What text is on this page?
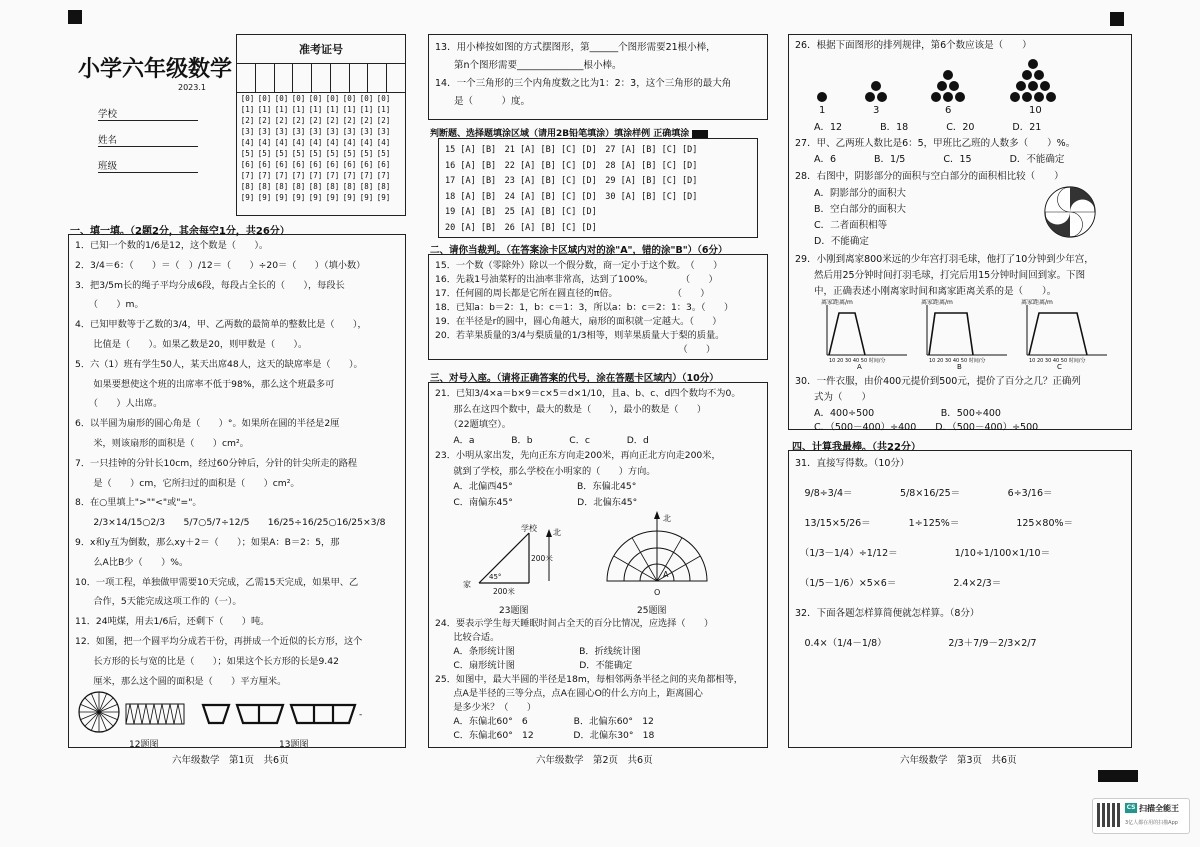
小学六年级数学
2023.1
学校
姓名
班级
准考证号
[0] [0] [0] [0] [0] [0] [0] [0] [0]
[1] [1] [1] [1] [1] [1] [1] [1] [1]
[2] [2] [2] [2] [2] [2] [2] [2] [2]
[3] [3] [3] [3] [3] [3] [3] [3] [3]
[4] [4] [4] [4] [4] [4] [4] [4] [4]
[5] [5] [5] [5] [5] [5] [5] [5] [5]
[6] [6] [6] [6] [6] [6] [6] [6] [6]
[7] [7] [7] [7] [7] [7] [7] [7] [7]
[8] [8] [8] [8] [8] [8] [8] [8] [8]
[9] [9] [9] [9] [9] [9] [9] [9] [9]
一、填一填。（2题2分，其余每空1分，共26分）
1．已知一个数的1/6是12，这个数是（　　）。
2．3/4＝6：（　　）＝（　）/12＝（　　）÷20＝（　　）（填小数）
3．把3/5m长的绳子平均分成6段，每段占全长的（　　），每段长
　　（　　）m。
4．已知甲数等于乙数的3/4，甲、乙两数的最简单的整数比是（　　），
　　比值是（　　）。如果乙数是20，则甲数是（　　）。
5．六（1）班有学生50人，某天出席48人，这天的缺席率是（　　）。
　　如果要想使这个班的出席率不低于98%，那么这个班最多可
　　（　　）人出席。
6．以半圆为扇形的圆心角是（　　）°。如果所在圆的半径是2厘
　　米，则该扇形的面积是（　　）cm²。
7．一只挂钟的分针长10cm，经过60分钟后，分针的针尖所走的路程
　　是（　　）cm，它所扫过的面积是（　　）cm²。
8．在○里填上">""<"或"="。
　　2/3×14/15○2/3　　5/7○5/7÷12/5　　16/25÷16/25○16/25×3/8
9．x和y互为倒数，那么xy＋2＝（　　）；如果A：B＝2：5，那
　　么A比B少（　　）%。
10．一项工程，单独做甲需要10天完成，乙需15天完成，如果甲、乙
　　合作，5天能完成这项工作的（一）。
11．24吨煤，用去1/6后，还剩下（　　）吨。
12．如图，把一个圆平均分成若干份，再拼成一个近似的长方形，这个
　　长方形的长与宽的比是（　　）；如果这个长方形的长是9.42
　　厘米，那么这个圆的面积是（　　）平方厘米。
-
12题图	13题图
六年级数学　第1页　共6页
13．用小棒按如图的方式摆图形，第______个图形需要21根小棒，
　　第n个图形需要______________根小棒。
14．一个三角形的三个内角度数之比为1：2：3，这个三角形的最大角
　　是（　　　）度。
判断题、选择题填涂区域（请用2B铅笔填涂）填涂样例 正确填涂
15 [A] [B]　21 [A] [B] [C] [D]　27 [A] [B] [C] [D]
16 [A] [B]　22 [A] [B] [C] [D]　28 [A] [B] [C] [D]
17 [A] [B]　23 [A] [B] [C] [D]　29 [A] [B] [C] [D]
18 [A] [B]　24 [A] [B] [C] [D]　30 [A] [B] [C] [D]
19 [A] [B]　25 [A] [B] [C] [D]
20 [A] [B]　26 [A] [B] [C] [D]
二、请你当裁判。（在答案涂卡区域内对的涂"A"，错的涂"B"）（6分）
15．一个数（零除外）除以一个假分数，商一定小于这个数。　（　　）
16．先栽1号油菜籽的出油率非常高，达到了100%。　　　　（　　）
17．任何圆的周长都是它所在圆直径的π倍。　　　　　　　（　　）
18．已知a：b＝2：1，b：c＝1：3，所以a：b：c＝2：1：3。（　　）
19．在半径是r的圆中，圆心角越大，扇形的面积就一定越大。（　　）
20．若苹果质量的3/4与梨质量的1/3相等，则苹果质量大于梨的质量。
　　　　　　　　　　　　　　　　　　　　　　　　　　　（　　）
三、对号入座。（请将正确答案的代号，涂在答题卡区域内）（10分）
21．已知3/4×a＝b×9＝c×5＝d×1/10，且a、b、c、d四个数均不为0。
　　那么在这四个数中，最大的数是（　　），最小的数是（　　）
　　（22题填空）。
　　A．a　　　　B．b　　　　C．c　　　　D．d
23．小明从家出发，先向正东方向走200米，再向正北方向走200米，
　　就到了学校，那么学校在小明家的（　　）方向。
　　A．北偏西45°　　　　　　　B．东偏北45°
　　C．南偏东45°　　　　　　　D．北偏东45°
学校
家
北
200米
200米
45°
北
A
O
23题图	25题图
24．要表示学生每天睡眠时间占全天的百分比情况，应选择（　　）
　　比较合适。
　　A．条形统计图　　　　　　　B．折线统计图
　　C．扇形统计图　　　　　　　D．不能确定
25．如图中，最大半圆的半径是18m，每相邻两条半径之间的夹角都相等，
　　点A是半径的三等分点，点A在圆心O的什么方向上，距离圆心
　　是多少米？（　　）
　　A．东偏北60°　6　　　　　B．北偏东60°　12
　　C．东偏北60°　12　　　　 D．北偏东30°　18
六年级数学　第2页　共6页
26．根据下面图形的排列规律，第6个数应该是（　　）
1	3	6	10
　　A．12　　　　B．18　　　　C．20　　　　D．21
27．甲、乙两班人数比是6：5，甲班比乙班的人数多（　　）%。
　　A．6　　　　B．1/5　　　　C．15　　　　D．不能确定
28．右图中，阴影部分的面积与空白部分的面积相比较（　　）
　　A．阴影部分的面积大
　　B．空白部分的面积大
　　C．二者面积相等
　　D．不能确定
29．小刚到离家800米远的少年宫打羽毛球，他打了10分钟到少年宫，
　　然后用25分钟时间打羽毛球，打完后用15分钟时间回到家。下图
　　中，正确表述小刚离家时间和离家距离关系的是（　　）。
离家距离/m	离家距离/m	离家距离/m
10 20 30 40 50 时间/分	10 20 30 40 50 时间/分	10 20 30 40 50 时间/分
A	B	C
30．一件衣服，由价400元提价到500元，提价了百分之几？正确列
　　式为（　　）
　　A．400÷500　　　　　　　B．500÷400
　　C．（500－400）÷400　　D．（500－400）÷500
四、计算我最棒。（共22分）
31．直接写得数。（10分）
　9/8÷3/4＝　　　　　5/8×16/25＝　　　　　6÷3/16＝
　13/15×5/26＝　　　　1÷125%＝　　　　　　125×80%＝
　（1/3－1/4）÷1/12＝　　　　　　1/10÷1/100×1/10＝
　（1/5－1/6）×5×6＝　　　　　　2.4×2/3＝
32．下面各题怎样算简便就怎样算。（8分）
　0.4×（1/4－1/8）　　　　　　　2/3＋7/9－2/3×2/7
六年级数学　第3页　共6页
CS 扫描全能王
3亿人都在用的扫描App
